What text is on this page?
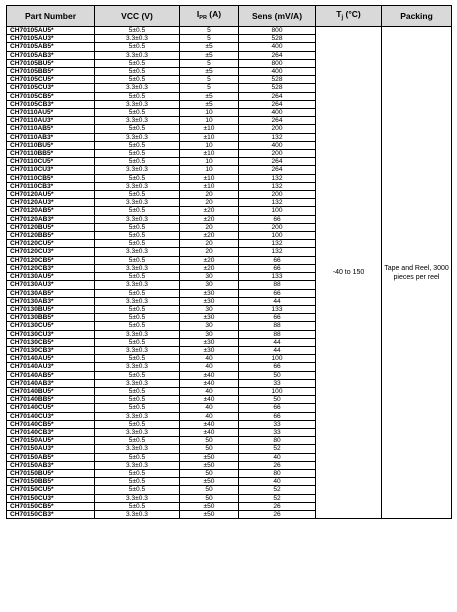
Part Number	VCC (V)	$I_{PR}$ (A)	Sens (mV/A)	$T_j$ (°C)	Packing
CH70105AU5*	5±0.5	5	800	-40 to 150	Tape and Reel, 3000 pieces per reel
CH70105AU3*	3.3±0.3	5	528		
CH70105AB5*	5±0.5	±5	400		
CH70105AB3*	3.3±0.3	±5	264		
CH70105BU5*	5±0.5	5	800		
CH70105BB5*	5±0.5	±5	400		
CH70105CU5*	5±0.5	5	528		
CH70105CU3*	3.3±0.3	5	528		
CH70105CB5*	5±0.5	±5	264		
CH70105CB3*	3.3±0.3	±5	264		
CH70110AU5*	5±0.5	10	400		
CH70110AU3*	3.3±0.3	10	264		
CH70110AB5*	5±0.5	±10	200		
CH70110AB3*	3.3±0.3	±10	132		
CH70110BU5*	5±0.5	10	400		
CH70110BB5*	5±0.5	±10	200		
CH70110CU5*	5±0.5	10	264		
CH70110CU3*	3.3±0.3	10	264		
CH70110CB5*	5±0.5	±10	132		
CH70110CB3*	3.3±0.3	±10	132		
CH70120AU5*	5±0.5	20	200		
CH70120AU3*	3.3±0.3	20	132		
CH70120AB5*	5±0.5	±20	100		
CH70120AB3*	3.3±0.3	±20	66		
CH70120BU5*	5±0.5	20	200		
CH70120BB5*	5±0.5	±20	100		
CH70120CU5*	5±0.5	20	132		
CH70120CU3*	3.3±0.3	20	132		
CH70120CB5*	5±0.5	±20	66		
CH70120CB3*	3.3±0.3	±20	66		
CH70130AU5*	5±0.5	30	133		
CH70130AU3*	3.3±0.3	30	88		
CH70130AB5*	5±0.5	±30	66		
CH70130AB3*	3.3±0.3	±30	44		
CH70130BU5*	5±0.5	30	133		
CH70130BB5*	5±0.5	±30	66		
CH70130CU5*	5±0.5	30	88		
CH70130CU3*	3.3±0.3	30	88		
CH70130CB5*	5±0.5	±30	44		
CH70130CB3*	3.3±0.3	±30	44		
CH70140AU5*	5±0.5	40	100		
CH70140AU3*	3.3±0.3	40	66		
CH70140AB5*	5±0.5	±40	50		
CH70140AB3*	3.3±0.3	±40	33		
CH70140BU5*	5±0.5	40	100		
CH70140BB5*	5±0.5	±40	50		
CH70140CU5*	5±0.5	40	66		
CH70140CU3*	3.3±0.3	40	66		
CH70140CB5*	5±0.5	±40	33		
CH70140CB3*	3.3±0.3	±40	33		
CH70150AU5*	5±0.5	50	80		
CH70150AU3*	3.3±0.3	50	52		
CH70150AB5*	5±0.5	±50	40		
CH70150AB3*	3.3±0.3	±50	26		
CH70150BU5*	5±0.5	50	80		
CH70150BB5*	5±0.5	±50	40		
CH70150CU5*	5±0.5	50	52		
CH70150CU3*	3.3±0.3	50	52		
CH70150CB5*	5±0.5	±50	26		
CH70150CB3*	3.3±0.3	±50	26		
